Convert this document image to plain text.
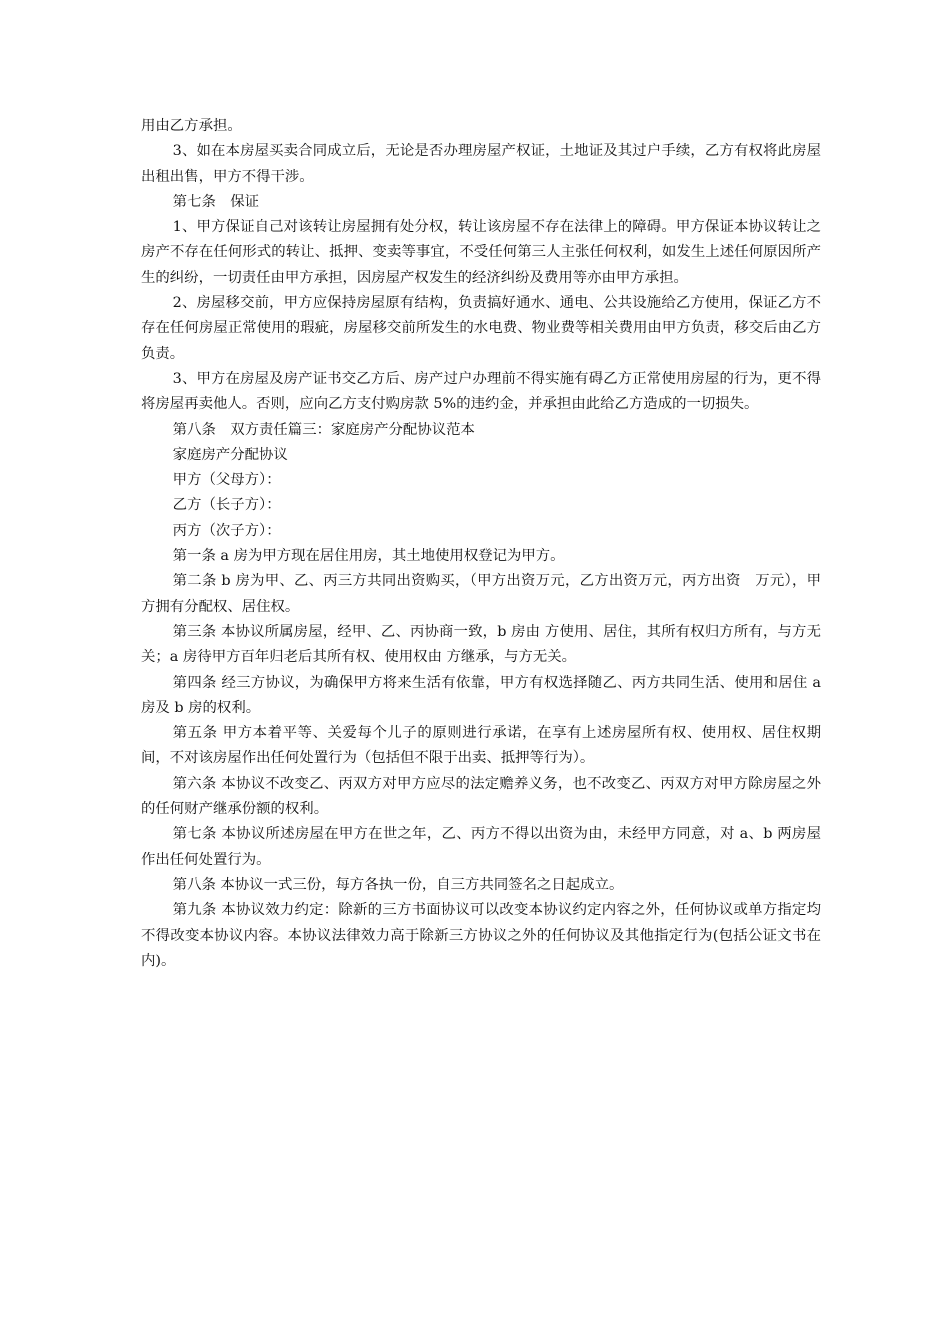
用由乙方承担。

3、如在本房屋买卖合同成立后，无论是否办理房屋产权证，土地证及其过户手续，乙方有权将此房屋出租出售，甲方不得干涉。

第七条　保证

1、甲方保证自己对该转让房屋拥有处分权，转让该房屋不存在法律上的障碍。甲方保证本协议转让之房产不存在任何形式的转让、抵押、变卖等事宜，不受任何第三人主张任何权利，如发生上述任何原因所产生的纠纷，一切责任由甲方承担，因房屋产权发生的经济纠纷及费用等亦由甲方承担。

2、房屋移交前，甲方应保持房屋原有结构，负责搞好通水、通电、公共设施给乙方使用，保证乙方不存在任何房屋正常使用的瑕疵，房屋移交前所发生的水电费、物业费等相关费用由甲方负责，移交后由乙方负责。

3、甲方在房屋及房产证书交乙方后、房产过户办理前不得实施有碍乙方正常使用房屋的行为，更不得将房屋再卖他人。否则，应向乙方支付购房款 5%的违约金，并承担由此给乙方造成的一切损失。

第八条　双方责任篇三：家庭房产分配协议范本

家庭房产分配协议

甲方（父母方）：

乙方（长子方）：

丙方（次子方）：

第一条 a 房为甲方现在居住用房，其土地使用权登记为甲方。

第二条 b 房为甲、乙、丙三方共同出资购买，（甲方出资万元，乙方出资万元，丙方出资　万元），甲方拥有分配权、居住权。

第三条 本协议所属房屋，经甲、乙、丙协商一致，b 房由 方使用、居住，其所有权归方所有，与方无关；a 房待甲方百年归老后其所有权、使用权由 方继承，与方无关。

第四条 经三方协议，为确保甲方将来生活有依靠，甲方有权选择随乙、丙方共同生活、使用和居住 a 房及 b 房的权利。

第五条 甲方本着平等、关爱每个儿子的原则进行承诺，在享有上述房屋所有权、使用权、居住权期间，不对该房屋作出任何处置行为（包括但不限于出卖、抵押等行为）。

第六条 本协议不改变乙、丙双方对甲方应尽的法定赡养义务，也不改变乙、丙双方对甲方除房屋之外的任何财产继承份额的权利。

第七条 本协议所述房屋在甲方在世之年，乙、丙方不得以出资为由，未经甲方同意，对 a、b 两房屋作出任何处置行为。

第八条 本协议一式三份，每方各执一份，自三方共同签名之日起成立。

第九条 本协议效力约定：除新的三方书面协议可以改变本协议约定内容之外，任何协议或单方指定均不得改变本协议内容。本协议法律效力高于除新三方协议之外的任何协议及其他指定行为(包括公证文书在内)。
